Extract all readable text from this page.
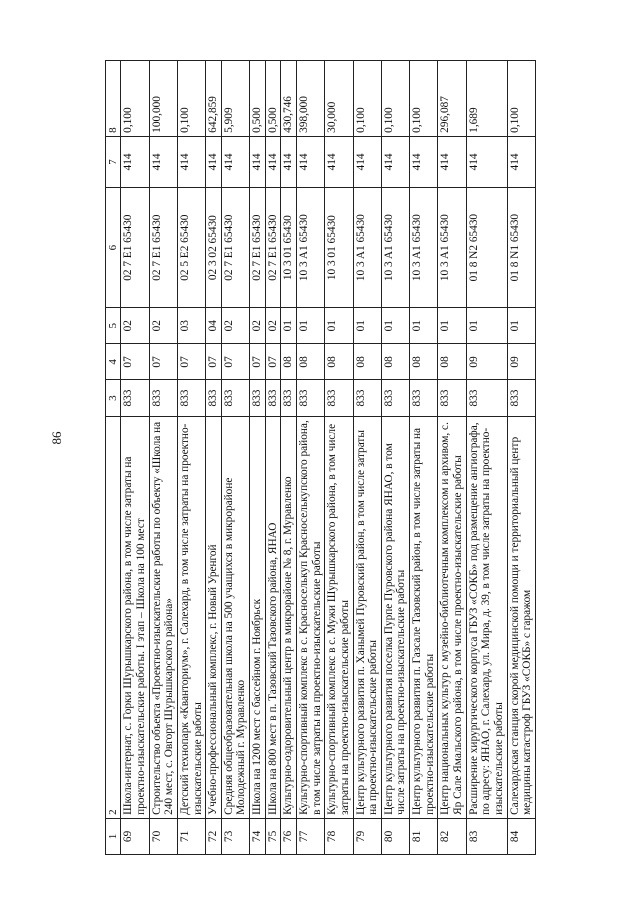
86
1	2	3	4	5	6	7	8
69	Школа-интернат, с. Горки Шурышкарского района, в том числе затраты на проектно-изыскательские работы. I этап – Школа на 100 мест	833	07	02	02 7 E1 65430	414	0,100

70	Строительство объекта «Проектно-изыскательские работы по объекту «Школа на 240 мест, с. Овгорт Шурышкарского района»	833	07	02	02 7 E1 65430	414	100,000

71	Детский технопарк «Кванториум», г. Салехард, в том числе затраты на проектно-изыскательские работы	833	07	03	02 5 E2 65430	414	0,100

72	Учебно-профессиональный комплекс, г. Новый Уренгой	833	07	04	02 3 02 65430	414	642,859

73	Средняя общеобразовательная школа на 500 учащихся в микрорайоне Молодежный г. Муравленко	833	07	02	02 7 E1 65430	414	5,909

74	Школа на 1200 мест с бассейном г. Ноябрьск	833	07	02	02 7 E1 65430	414	0,500

75	Школа на 800 мест в п. Тазовский Тазовского района, ЯНАО	833	07	02	02 7 E1 65430	414	0,500

76	Культурно-оздоровительный центр в микрорайоне № 8, г. Муравленко	833	08	01	10 3 01 65430	414	430,746

77	Культурно-спортивный комплекс в с. Красноселькуп Красноселькупского района, в том числе затраты на проектно-изыскательские работы	833	08	01	10 3 A1 65430	414	398,000

78	Культурно-спортивный комплекс в с. Мужи Шурышкарского района, в том числе затраты на проектно-изыскательские работы	833	08	01	10 3 01 65430	414	30,000

79	Центр культурного развития п. Ханымей Пуровский район, в том числе затраты на проектно-изыскательские работы	833	08	01	10 3 A1 65430	414	0,100

80	Центр культурного развития поселка Пурпе Пуровского района ЯНАО, в том числе затраты на проектно-изыскательские работы	833	08	01	10 3 A1 65430	414	0,100

81	Центр культурного развития п. Газсале Тазовский район, в том числе затраты на проектно-изыскательские работы	833	08	01	10 3 A1 65430	414	0,100

82	Центр национальных культур с музейно-библиотечным комплексом и архивом, с. Яр Сале Ямальского района, в том числе проектно-изыскательские работы	833	08	01	10 3 A1 65430	414	296,087

83	Расширение хирургического корпуса ГБУЗ «СОКБ» под размещение ангиографа, по адресу: ЯНАО, г. Салехард, ул. Мира, д. 39, в том числе затраты на проектно-изыскательские работы	833	09	01	01 8 N2 65430	414	1,689

84	Салехардская станция скорой медицинской помощи и территориальный центр медицины катастроф ГБУЗ «СОКБ» с гаражом	833	09	01	01 8 N1 65430	414	0,100
